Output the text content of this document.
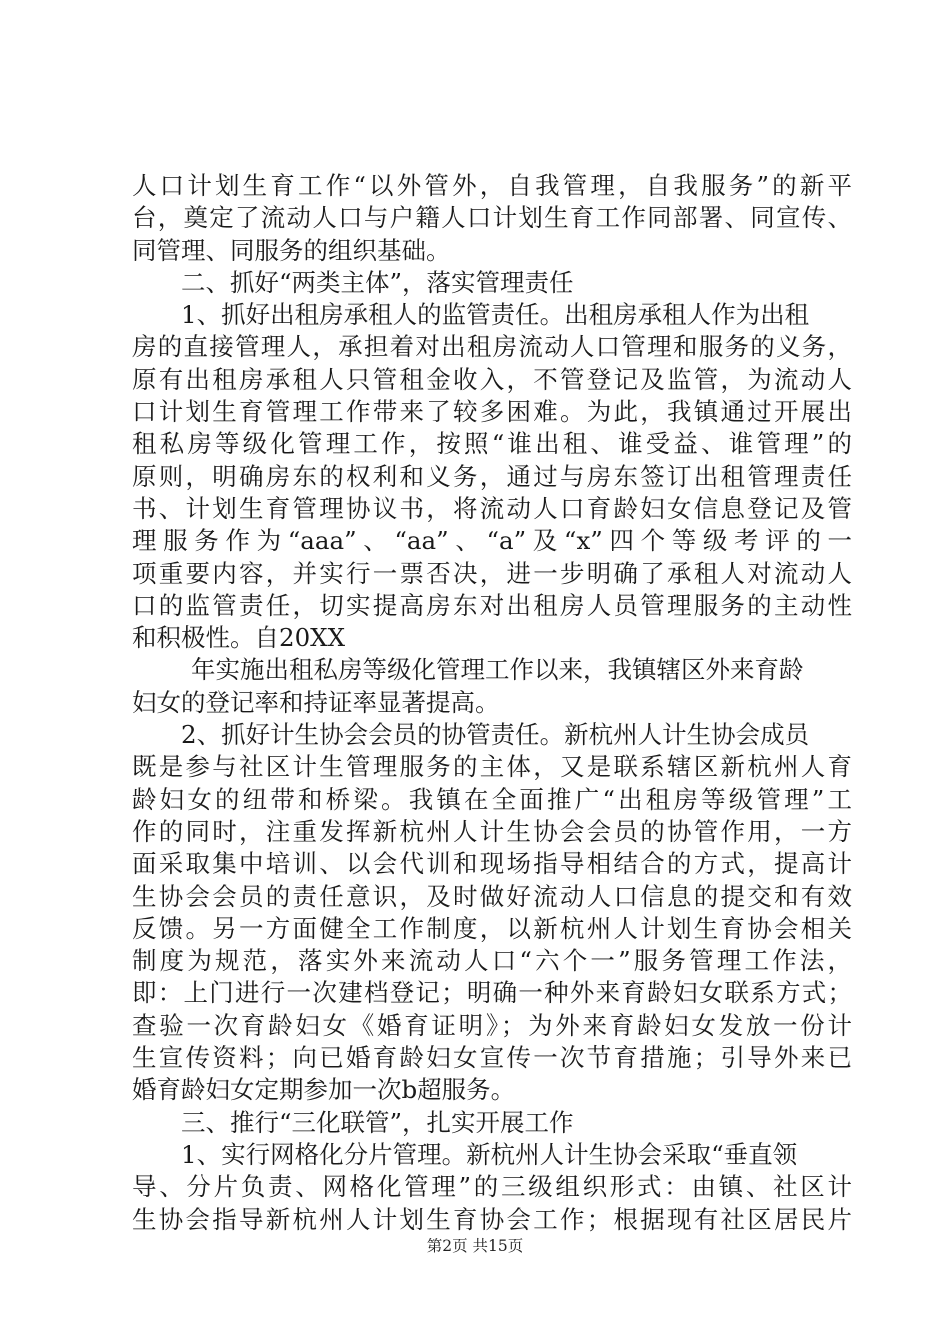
人口计划生育工作“以外管外，自我管理，自我服务”的新平
台，奠定了流动人口与户籍人口计划生育工作同部署、同宣传、
同管理、同服务的组织基础。
二、抓好“两类主体”，落实管理责任
1、抓好出租房承租人的监管责任。出租房承租人作为出租
房的直接管理人，承担着对出租房流动人口管理和服务的义务，
原有出租房承租人只管租金收入，不管登记及监管，为流动人
口计划生育管理工作带来了较多困难。为此，我镇通过开展出
租私房等级化管理工作，按照“谁出租、谁受益、谁管理”的
原则，明确房东的权利和义务，通过与房东签订出租管理责任
书、计划生育管理协议书，将流动人口育龄妇女信息登记及管
理服务作为“aaa”、“aa”、“a”及“x”四个等级考评的一
项重要内容，并实行一票否决，进一步明确了承租人对流动人
口的监管责任，切实提高房东对出租房人员管理服务的主动性
和积极性。自20XX
年实施出租私房等级化管理工作以来，我镇辖区外来育龄
妇女的登记率和持证率显著提高。
2、抓好计生协会会员的协管责任。新杭州人计生协会成员
既是参与社区计生管理服务的主体，又是联系辖区新杭州人育
龄妇女的纽带和桥梁。我镇在全面推广“出租房等级管理”工
作的同时，注重发挥新杭州人计生协会会员的协管作用，一方
面采取集中培训、以会代训和现场指导相结合的方式，提高计
生协会会员的责任意识，及时做好流动人口信息的提交和有效
反馈。另一方面健全工作制度，以新杭州人计划生育协会相关
制度为规范，落实外来流动人口“六个一”服务管理工作法，
即：上门进行一次建档登记；明确一种外来育龄妇女联系方式；
查验一次育龄妇女《婚育证明》；为外来育龄妇女发放一份计
生宣传资料；向已婚育龄妇女宣传一次节育措施；引导外来已
婚育龄妇女定期参加一次b超服务。
三、推行“三化联管”，扎实开展工作
1、实行网格化分片管理。新杭州人计生协会采取“垂直领
导、分片负责、网格化管理”的三级组织形式：由镇、社区计
生协会指导新杭州人计划生育协会工作；根据现有社区居民片
第2页 共15页
